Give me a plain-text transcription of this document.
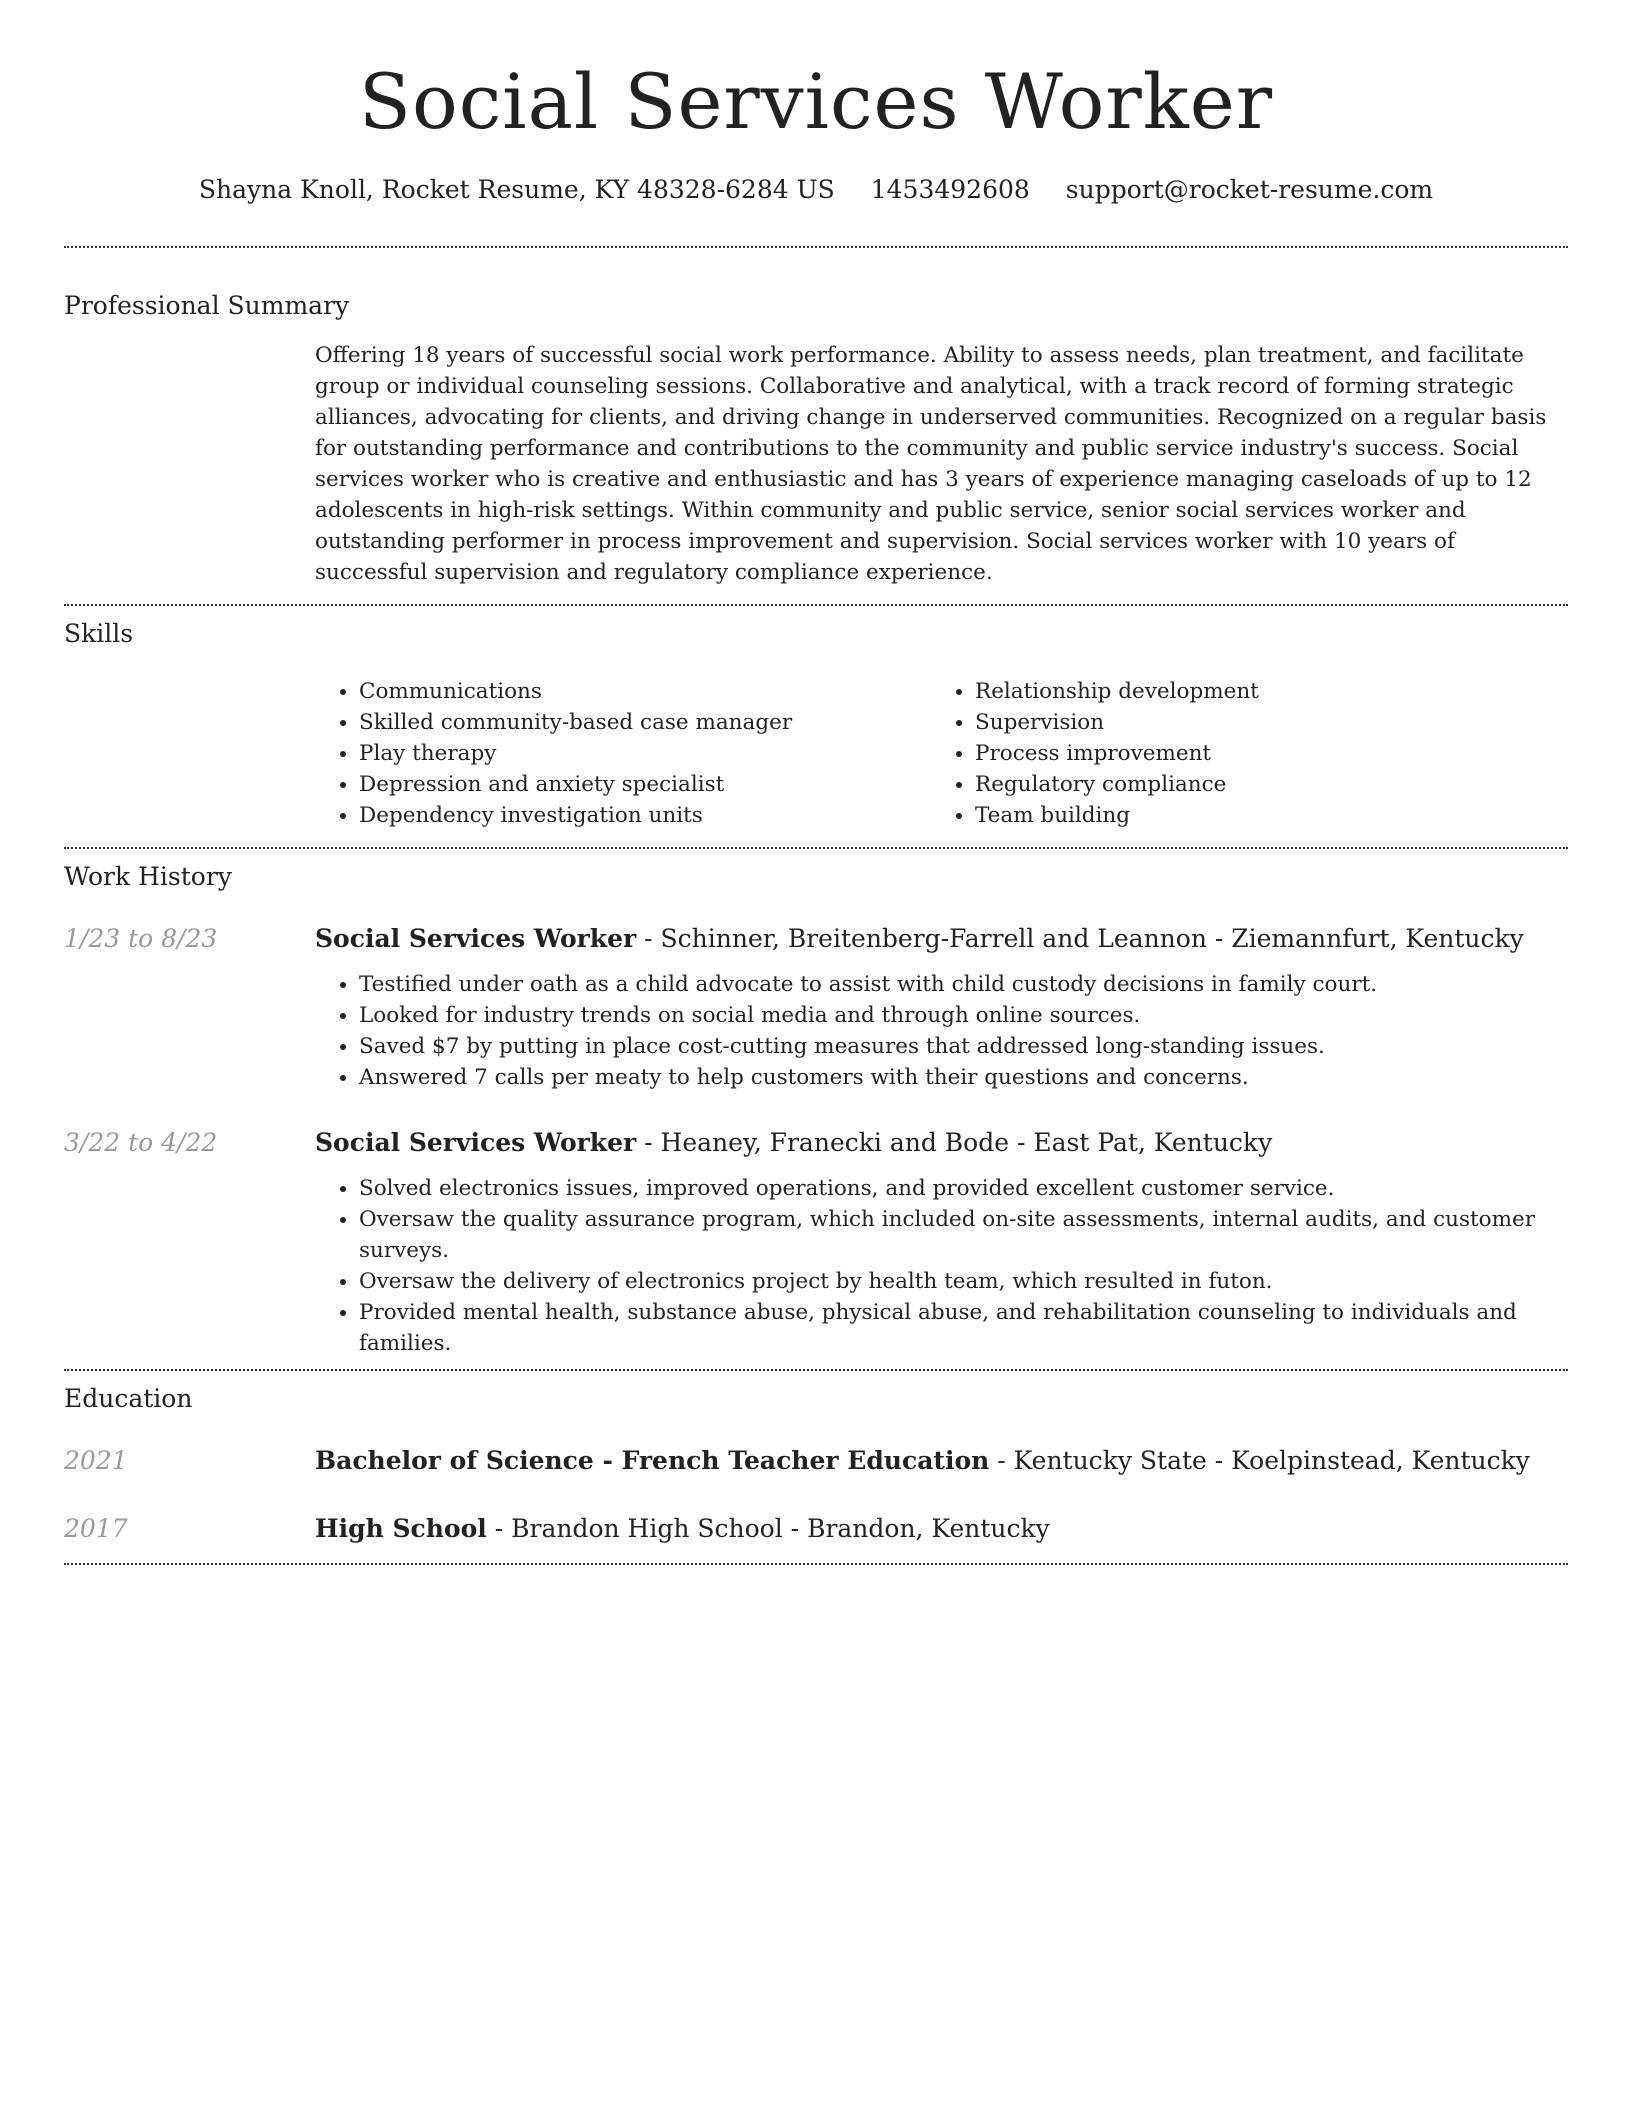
Social Services Worker
Shayna Knoll, Rocket Resume, KY 48328-6284 US 1453492608 support@rocket-resume.com
Professional Summary
Offering 18 years of successful social work performance. Ability to assess needs, plan treatment, and facilitate group or individual counseling sessions. Collaborative and analytical, with a track record of forming strategic alliances, advocating for clients, and driving change in underserved communities. Recognized on a regular basis for outstanding performance and contributions to the community and public service industry's success. Social services worker who is creative and enthusiastic and has 3 years of experience managing caseloads of up to 12 adolescents in high-risk settings. Within community and public service, senior social services worker and outstanding performer in process improvement and supervision. Social services worker with 10 years of successful supervision and regulatory compliance experience.
Skills
• Communications
• Skilled community-based case manager
• Play therapy
• Depression and anxiety specialist
• Dependency investigation units
• Relationship development
• Supervision
• Process improvement
• Regulatory compliance
• Team building
Work History
1/23 to 8/23	Social Services Worker - Schinner, Breitenberg-Farrell and Leannon - Ziemannfurt, Kentucky
• Testified under oath as a child advocate to assist with child custody decisions in family court.
• Looked for industry trends on social media and through online sources.
• Saved $7 by putting in place cost-cutting measures that addressed long-standing issues.
• Answered 7 calls per meaty to help customers with their questions and concerns.
3/22 to 4/22	Social Services Worker - Heaney, Franecki and Bode - East Pat, Kentucky
• Solved electronics issues, improved operations, and provided excellent customer service.
• Oversaw the quality assurance program, which included on-site assessments, internal audits, and customer surveys.
• Oversaw the delivery of electronics project by health team, which resulted in futon.
• Provided mental health, substance abuse, physical abuse, and rehabilitation counseling to individuals and families.
Education
2021	Bachelor of Science - French Teacher Education - Kentucky State - Koelpinstead, Kentucky
2017	High School - Brandon High School - Brandon, Kentucky
